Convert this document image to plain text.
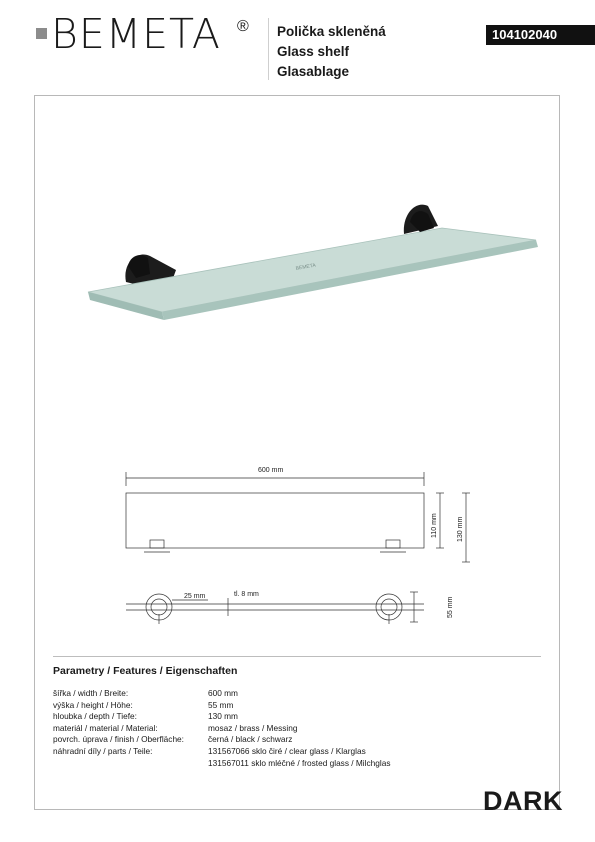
BEMETA ® Polička skleněná
Glass shelf
Glasablage
104102040
BEMETA
600 mm
110 mm	130 mm
25 mm	tl. 8 mm
55 mm
Parametry / Features / Eigenschaften
šířka / width / Breite:	600 mm
výška / height / Höhe:	55 mm
hloubka / depth / Tiefe:	130 mm
materiál / material / Material:	mosaz / brass / Messing
povrch. úprava / finish / Oberfläche:	černá / black / schwarz
náhradní díly / parts / Teile:	131567066 sklo čiré / clear glass / Klarglas
131567011 sklo mléčné / frosted glass / Milchglas
DARK
